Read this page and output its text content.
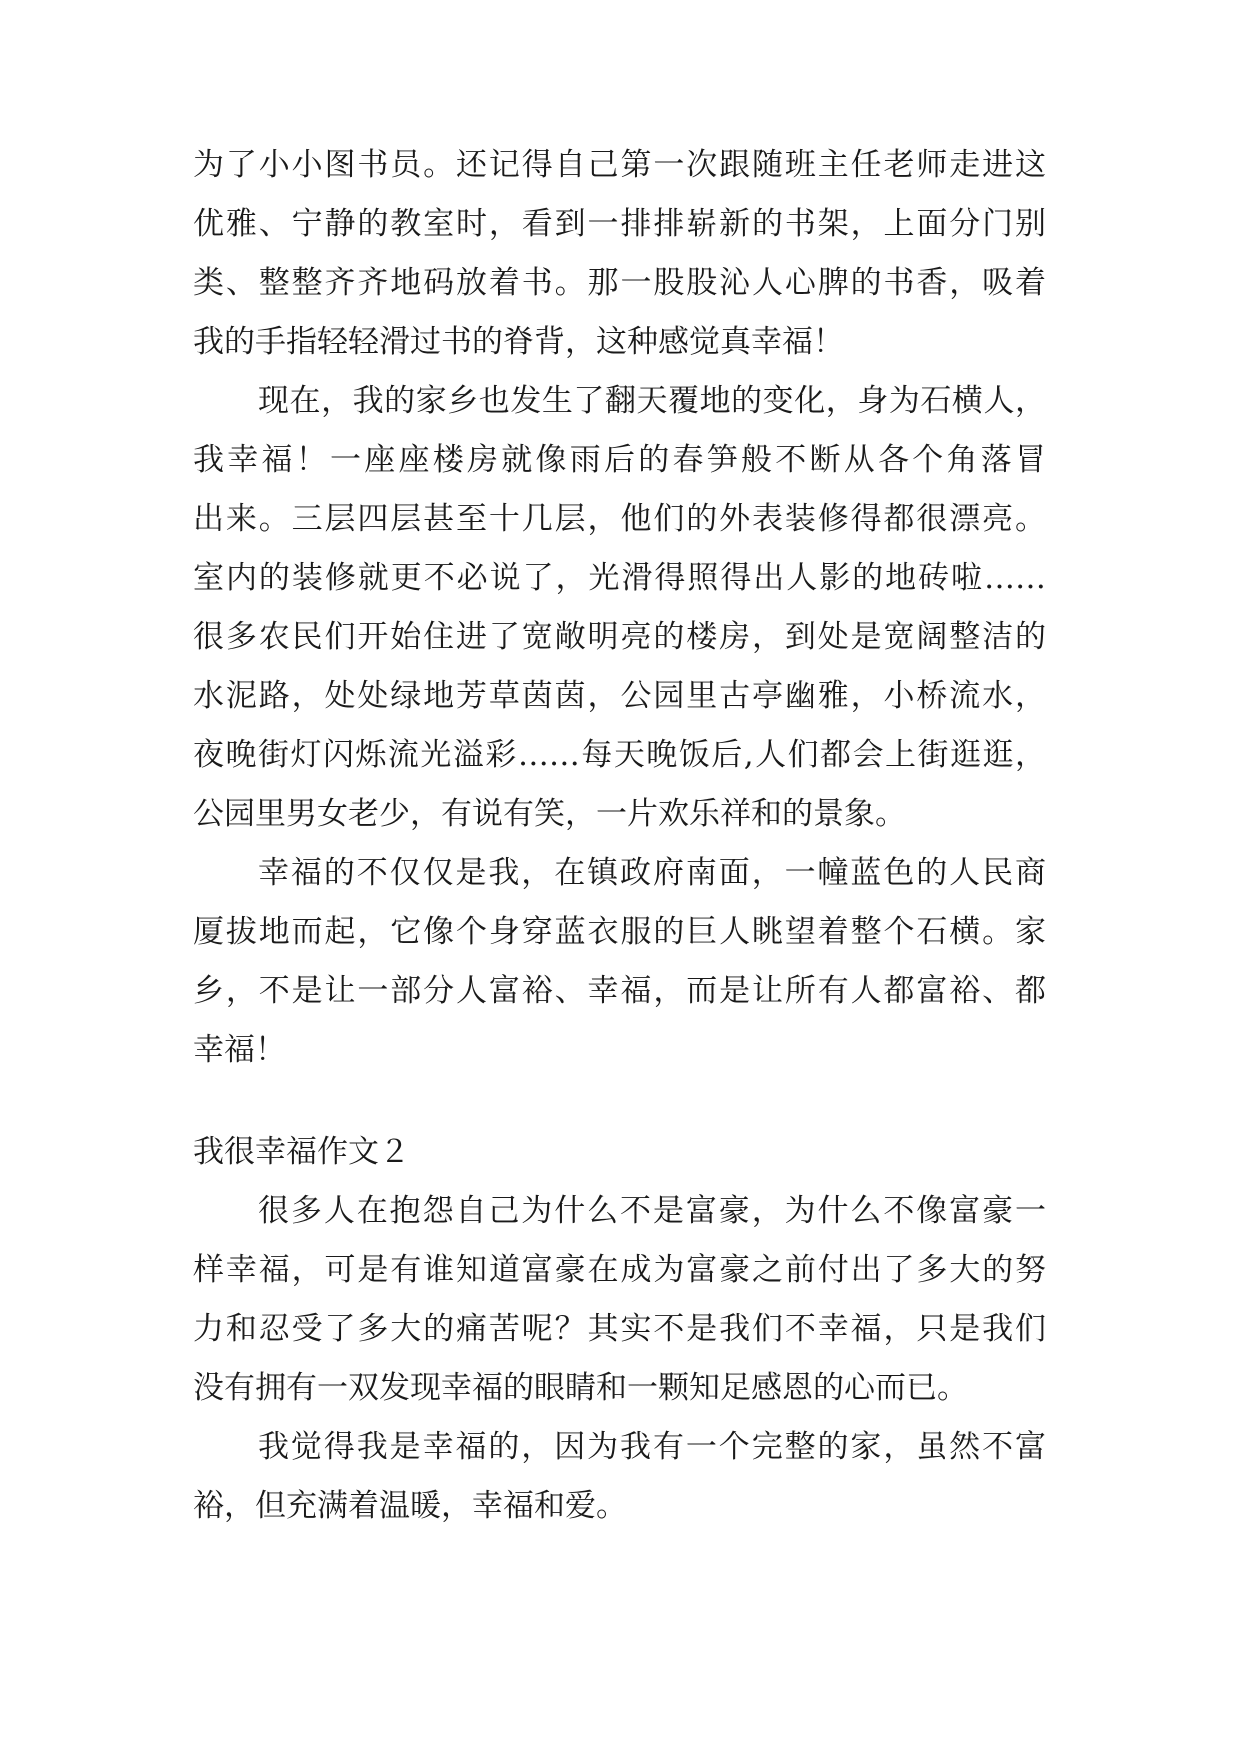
为了小小图书员。还记得自己第一次跟随班主任老师走进这

优雅、宁静的教室时，看到一排排崭新的书架，上面分门别

类、整整齐齐地码放着书。那一股股沁人心脾的书香，吸着

我的手指轻轻滑过书的脊背，这种感觉真幸福！

现在，我的家乡也发生了翻天覆地的变化，身为石横人，

我幸福！一座座楼房就像雨后的春笋般不断从各个角落冒

出来。三层四层甚至十几层，他们的外表装修得都很漂亮。

室内的装修就更不必说了，光滑得照得出人影的地砖啦……

很多农民们开始住进了宽敞明亮的楼房，到处是宽阔整洁的

水泥路，处处绿地芳草茵茵，公园里古亭幽雅，小桥流水，

夜晚街灯闪烁流光溢彩……每天晚饭后,人们都会上街逛逛，

公园里男女老少，有说有笑，一片欢乐祥和的景象。

幸福的不仅仅是我，在镇政府南面，一幢蓝色的人民商

厦拔地而起，它像个身穿蓝衣服的巨人眺望着整个石横。家

乡，不是让一部分人富裕、幸福，而是让所有人都富裕、都

幸福！

我很幸福作文２

很多人在抱怨自己为什么不是富豪，为什么不像富豪一

样幸福，可是有谁知道富豪在成为富豪之前付出了多大的努

力和忍受了多大的痛苦呢？其实不是我们不幸福，只是我们

没有拥有一双发现幸福的眼睛和一颗知足感恩的心而已。

我觉得我是幸福的，因为我有一个完整的家，虽然不富

裕，但充满着温暖，幸福和爱。
